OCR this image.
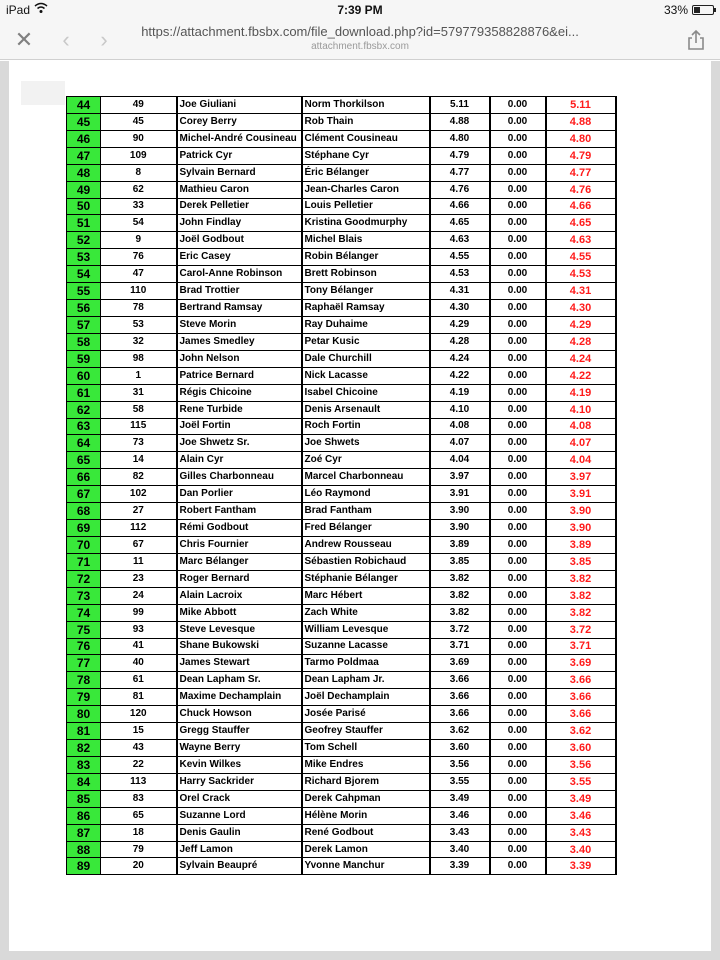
iPad	7:39 PM	33%
✕	‹	›	https://attachment.fbsbx.com/file_download.php?id=579779358828876&ei...
attachment.fbsbx.com
44	49	Joe Giuliani	Norm Thorkilson	5.11	0.00	5.11
45	45	Corey Berry	Rob Thain	4.88	0.00	4.88
46	90	Michel-André Cousineau	Clément Cousineau	4.80	0.00	4.80
47	109	Patrick Cyr	Stéphane Cyr	4.79	0.00	4.79
48	8	Sylvain Bernard	Éric Bélanger	4.77	0.00	4.77
49	62	Mathieu Caron	Jean-Charles Caron	4.76	0.00	4.76
50	33	Derek Pelletier	Louis Pelletier	4.66	0.00	4.66
51	54	John Findlay	Kristina Goodmurphy	4.65	0.00	4.65
52	9	Joël Godbout	Michel Blais	4.63	0.00	4.63
53	76	Eric Casey	Robin Bélanger	4.55	0.00	4.55
54	47	Carol-Anne Robinson	Brett Robinson	4.53	0.00	4.53
55	110	Brad Trottier	Tony Bélanger	4.31	0.00	4.31
56	78	Bertrand Ramsay	Raphaël Ramsay	4.30	0.00	4.30
57	53	Steve Morin	Ray Duhaime	4.29	0.00	4.29
58	32	James Smedley	Petar Kusic	4.28	0.00	4.28
59	98	John Nelson	Dale Churchill	4.24	0.00	4.24
60	1	Patrice Bernard	Nick Lacasse	4.22	0.00	4.22
61	31	Régis Chicoine	Isabel Chicoine	4.19	0.00	4.19
62	58	Rene Turbide	Denis Arsenault	4.10	0.00	4.10
63	115	Joël Fortin	Roch Fortin	4.08	0.00	4.08
64	73	Joe Shwetz Sr.	Joe Shwets	4.07	0.00	4.07
65	14	Alain Cyr	Zoé Cyr	4.04	0.00	4.04
66	82	Gilles Charbonneau	Marcel Charbonneau	3.97	0.00	3.97
67	102	Dan Porlier	Léo Raymond	3.91	0.00	3.91
68	27	Robert Fantham	Brad Fantham	3.90	0.00	3.90
69	112	Rémi Godbout	Fred Bélanger	3.90	0.00	3.90
70	67	Chris Fournier	Andrew Rousseau	3.89	0.00	3.89
71	11	Marc Bélanger	Sébastien Robichaud	3.85	0.00	3.85
72	23	Roger Bernard	Stéphanie Bélanger	3.82	0.00	3.82
73	24	Alain Lacroix	Marc Hébert	3.82	0.00	3.82
74	99	Mike Abbott	Zach White	3.82	0.00	3.82
75	93	Steve Levesque	William Levesque	3.72	0.00	3.72
76	41	Shane Bukowski	Suzanne Lacasse	3.71	0.00	3.71
77	40	James Stewart	Tarmo Poldmaa	3.69	0.00	3.69
78	61	Dean Lapham Sr.	Dean Lapham Jr.	3.66	0.00	3.66
79	81	Maxime Dechamplain	Joël Dechamplain	3.66	0.00	3.66
80	120	Chuck Howson	Josée Parisé	3.66	0.00	3.66
81	15	Gregg Stauffer	Geofrey Stauffer	3.62	0.00	3.62
82	43	Wayne Berry	Tom Schell	3.60	0.00	3.60
83	22	Kevin Wilkes	Mike Endres	3.56	0.00	3.56
84	113	Harry Sackrider	Richard Bjorem	3.55	0.00	3.55
85	83	Orel Crack	Derek Cahpman	3.49	0.00	3.49
86	65	Suzanne Lord	Hélène Morin	3.46	0.00	3.46
87	18	Denis Gaulin	René Godbout	3.43	0.00	3.43
88	79	Jeff Lamon	Derek Lamon	3.40	0.00	3.40
89	20	Sylvain Beaupré	Yvonne Manchur	3.39	0.00	3.39
